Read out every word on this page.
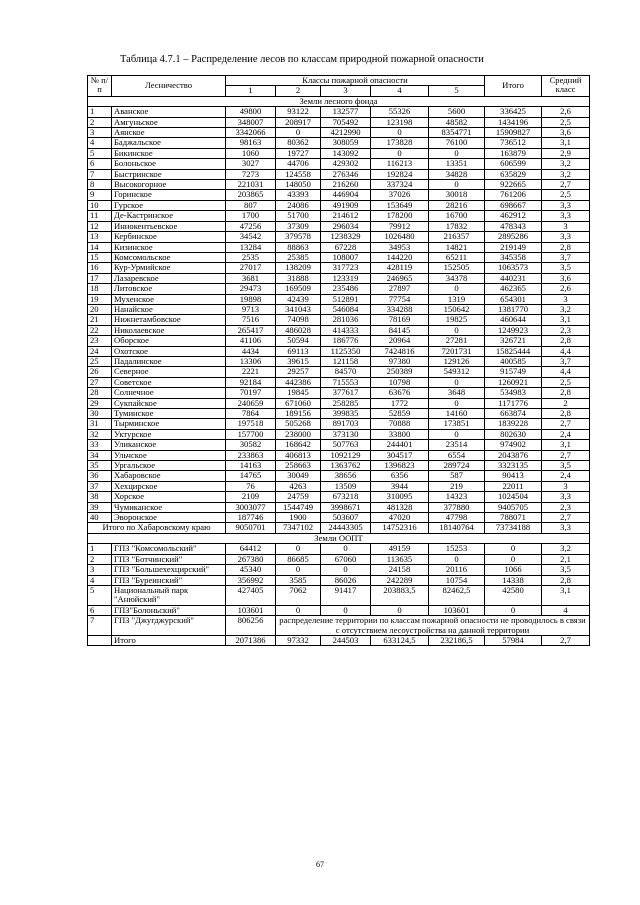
Таблица 4.7.1 – Распределение лесов по классам природной пожарной опасности
№ п/п	Лесничество	Классы пожарной опасности					Итого	Средний класс
		1	2	3	4	5		
Земли лесного фонда								
1	Аванское	49800	93122	132577	55326	5600	336425	2,6
2	Амгуньское	348007	208917	705492	123198	48582	1434196	2,5
3	Аянское	3342066	0	4212990	0	8354771	15909827	3,6
4	Баджальское	98163	80362	308059	173828	76100	736512	3,1
5	Бикинское	1060	19727	143092	0	0	163879	2,9
6	Болоньское	3027	44706	429302	116213	13351	606599	3,2
7	Быстринское	7273	124558	276346	192824	34828	635829	3,2
8	Высокогорное	221031	148050	216260	337324	0	922665	2,7
9	Горинское	203865	43393	446904	37026	30018	761206	2,5
10	Гурское	807	24086	491909	153649	28216	698667	3,3
11	Де-Кастринское	1700	51700	214612	178200	16700	462912	3,3
12	Иннокентьевское	47256	37309	296034	79912	17832	478343	3
13	Кербинское	34542	379578	1238329	1026480	216357	2895286	3,3
14	Кизинское	13284	88863	67228	34953	14821	219149	2,8
15	Комсомольское	2535	25385	108007	144220	65211	345358	3,7
16	Кур-Урмийское	27017	138209	317723	428119	152505	1063573	3,5
17	Лазаревское	3681	31888	123319	246965	34378	440231	3,6
18	Литовское	29473	169509	235486	27897	0	462365	2,6
19	Мухенское	19898	42439	512891	77754	1319	654301	3
20	Нанайское	9713	341043	546084	334288	150642	1381770	3,2
21	Нижнетамбовское	7516	74098	281036	78169	19825	460644	3,1
22	Николаевское	265417	486028	414333	84145	0	1249923	2,3
23	Оборское	41106	50594	186776	20964	27281	326721	2,8
24	Охотское	4434	69113	1125350	7424816	7201731	15825444	4,4
25	Падалинское	13306	39615	121158	97380	129126	400585	3,7
26	Северное	2221	29257	84570	250389	549312	915749	4,4
27	Советское	92184	442386	715553	10798	0	1260921	2,5
28	Солнечное	70197	19845	377617	63676	3648	534983	2,8
29	Сукпайское	240659	671060	258285	1772	0	1171776	2
30	Туминское	7864	189156	399835	52859	14160	663874	2,8
31	Тырминское	197518	505268	891703	70888	173851	1839228	2,7
32	Уктурское	157700	238000	373130	33800	0	802630	2,4
33	Уликанское	30582	168642	507763	244401	23514	974902	3,1
34	Ульчское	233863	406813	1092129	304517	6554	2043876	2,7
35	Ургальское	14163	258663	1363762	1396823	289724	3323135	3,5
36	Хабаровское	14765	30049	38656	6356	587	90413	2,4
37	Хехцирское	76	4263	13509	3944	219	22011	3
38	Хорское	2109	24759	673218	310095	14323	1024504	3,3
39	Чумиканское	3003077	1544749	3998671	481328	377880	9405705	2,3
40	Эворонское	187746	1900	503607	47020	47798	788071	2,7
Итого по Хабаровскому краю		9050701	7347102	24443305	14752316	18140764	73734188	3,3
Земли ООПТ								
1	ГПЗ "Комсомольский"	64412	0	0	49159	15253	0	3,2
2	ГПЗ "Ботчинский"	267380	86685	67060	113635	0	0	2,1
3	ГПЗ "Большехехцирский"	45340	0	0	24158	20116	1066	3,5
4	ГПЗ "Буреинский"	356992	3585	86026	242289	10754	14338	2,8
5	Национальный парк "Анюйский"	427405	7062	91417	203883,5	82462,5	42580	3,1
6	ГПЗ"Болоньский"	103601	0	0	0	103601	0	4
7	ГПЗ "Джугджурский"	806256	распределение территории по классам пожарной опасности не проводилось в связи с отсутствием лесоустройства на данной территории					
	Итого	2071386	97332	244503	633124,5	232186,5	57984	2,7
67
